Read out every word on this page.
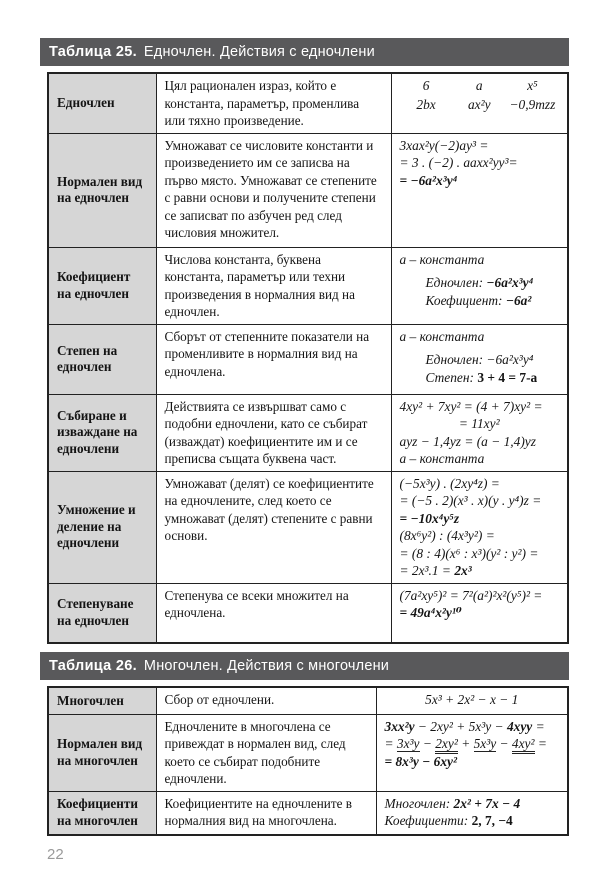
Таблица 25. Едночлен. Действия с едночлени
Едночлен	Цял рационален израз, който е константа, параметър, променлива или тяхно произведение.	
6	a	x⁵
2bx	ax²y	−0,9mzz

Нормален вид на едночлен	Умножават се числовите константи и произведението им се записва на първо място. Умножават се степените с равни основи и получените степени се записват по азбучен ред след числовия множител.	3xax²y(−2)ay³ =
= 3 . (−2) . aaxx²yy³=
= −6a²x³y⁴

Коефициент на едночлен	Числова константа, буквена константа, параметър или техни произведения в нормалния вид на едночлен.	a – константа
Едночлен: −6a²x³y⁴
Коефициент: −6a²

Степен на едночлен	Сборът от степенните показатели на променливите в нормалния вид на едночлена.	a – константа
Едночлен: −6a²x³y⁴
Степен: 3 + 4 = 7-а

Събиране и изваждане на едночлени	Действията се извършват само с подобни едночлени, като се събират (изваждат) коефициентите им и се преписва същата буквена част.	4xy² + 7xy² = (4 + 7)xy² =
= 11xy²
ayz − 1,4yz = (a − 1,4)yz
a – константа

Умножение и деление на едночлени	Умножават (делят) се коефициентите на едночлените, след което се умножават (делят) степените с равни основи.	
(−5x³y) . (2xy⁴z) =
= (−5 . 2)(x³ . x)(y . y⁴)z =
= −10x⁴y⁵z
(8x⁶y²) : (4x³y²) =
= (8 : 4)(x⁶ : x³)(y² : y²) =
= 2x³.1 = 2x³

Степенуване на едночлен	Степенува се всеки множител на едночлена.	(7a²xy⁵)² = 7²(a²)²x²(y⁵)² =
= 49a⁴x²y¹⁰
Таблица 26. Многочлен. Действия с многочлени
Многочлен	Сбор от едночлени.	5x³ + 2x² − x − 1

Нормален вид на многочлен	Едночлените в многочлена се привеждат в нормален вид, след което се събират подобните едночлени.	3xx²y − 2xy² + 5x³y − 4xyy =
= 3x³y − 2xy² + 5x³y − 4xy² =
= 8x³y − 6xy²

Коефициенти на многочлен	Коефициентите на едночлените в нормалния вид на многочлена.	Многочлен: 2x² + 7x − 4
Коефициенти: 2, 7, −4
22
